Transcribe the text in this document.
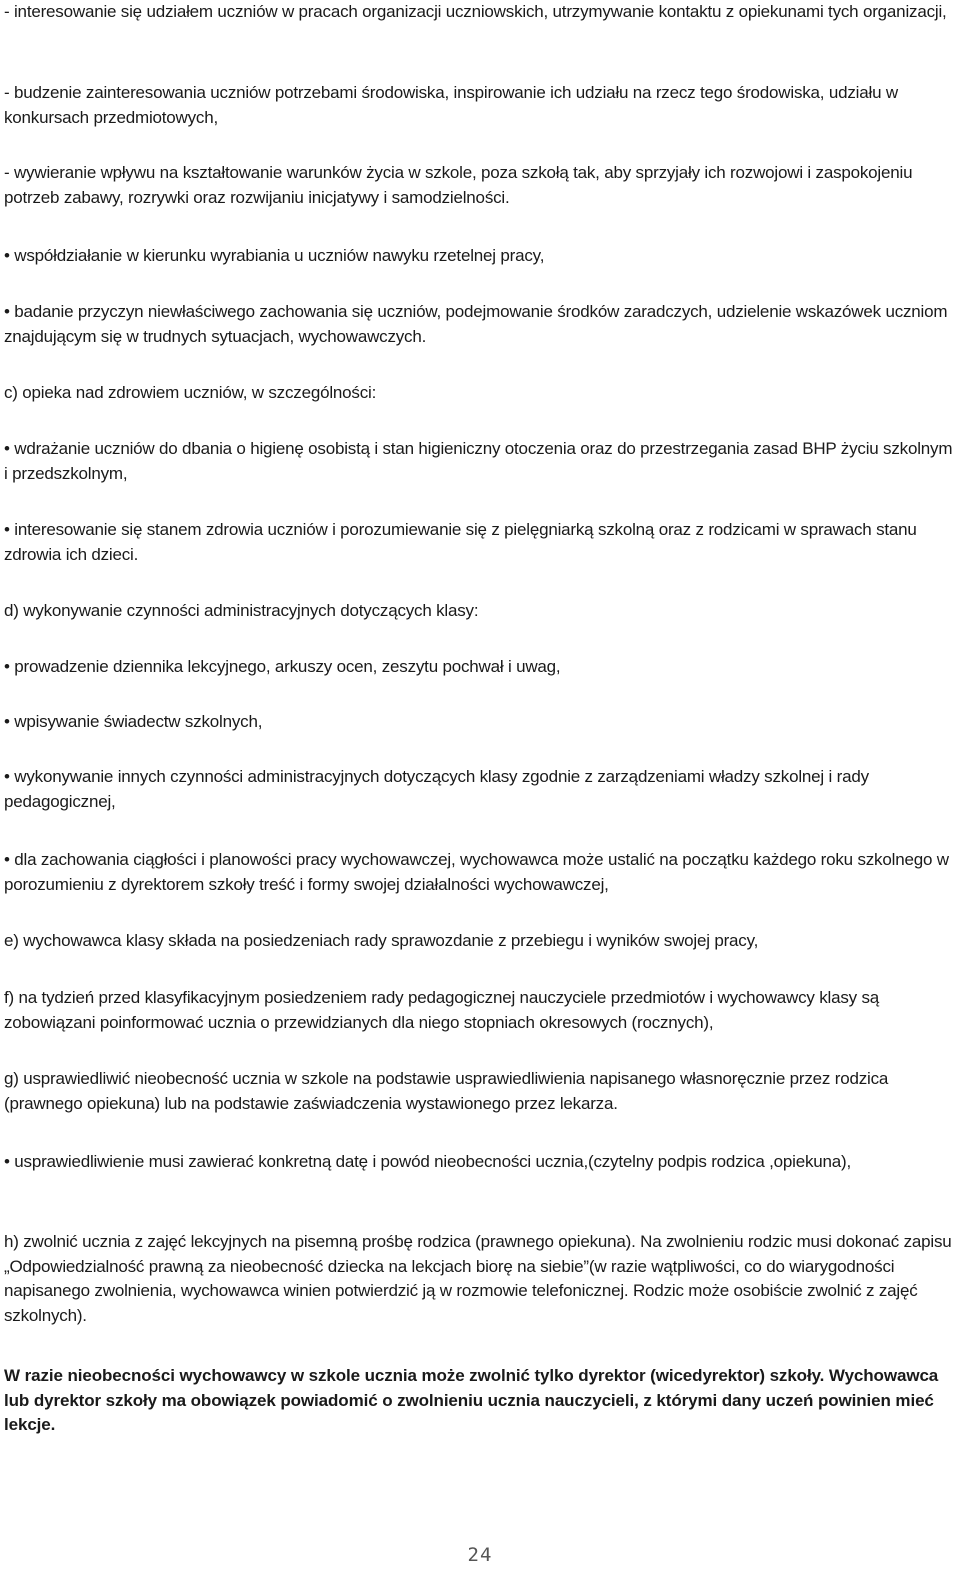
- interesowanie się udziałem uczniów w pracach organizacji uczniowskich, utrzymywanie kontaktu z opiekunami tych organizacji,

- budzenie zainteresowania uczniów potrzebami środowiska, inspirowanie ich udziału na rzecz tego środowiska, udziału w konkursach przedmiotowych,

- wywieranie wpływu na kształtowanie warunków życia w szkole, poza szkołą tak, aby sprzyjały ich rozwojowi i zaspokojeniu potrzeb zabawy, rozrywki oraz rozwijaniu inicjatywy i samodzielności.

• współdziałanie w kierunku wyrabiania u uczniów nawyku rzetelnej pracy,

• badanie przyczyn niewłaściwego zachowania się uczniów, podejmowanie środków zaradczych, udzielenie wskazówek uczniom znajdującym się w trudnych sytuacjach, wychowawczych.

c) opieka nad zdrowiem uczniów, w szczególności:

• wdrażanie uczniów do dbania o higienę osobistą i stan higieniczny otoczenia oraz do przestrzegania zasad BHP życiu szkolnym i przedszkolnym,

• interesowanie się stanem zdrowia uczniów i porozumiewanie się z pielęgniarką szkolną oraz z rodzicami w sprawach stanu zdrowia ich dzieci.

d) wykonywanie czynności administracyjnych dotyczących klasy:

• prowadzenie dziennika lekcyjnego, arkuszy ocen, zeszytu pochwał i uwag,

• wpisywanie świadectw szkolnych,

• wykonywanie innych czynności administracyjnych dotyczących klasy zgodnie z zarządzeniami władzy szkolnej i rady pedagogicznej,

• dla zachowania ciągłości i planowości pracy wychowawczej, wychowawca może ustalić na początku każdego roku szkolnego w porozumieniu z dyrektorem szkoły treść i formy swojej działalności wychowawczej,

e) wychowawca klasy składa na posiedzeniach rady sprawozdanie z przebiegu i wyników swojej pracy,

f) na tydzień przed klasyfikacyjnym posiedzeniem rady pedagogicznej nauczyciele przedmiotów i wychowawcy klasy są zobowiązani poinformować ucznia o przewidzianych dla niego stopniach okresowych (rocznych),

g) usprawiedliwić nieobecność ucznia w szkole na podstawie usprawiedliwienia napisanego własnoręcznie przez rodzica (prawnego opiekuna) lub na podstawie zaświadczenia wystawionego przez lekarza.

• usprawiedliwienie musi zawierać konkretną datę i powód nieobecności ucznia,(czytelny podpis rodzica ,opiekuna),

h) zwolnić ucznia z zajęć lekcyjnych na pisemną prośbę rodzica (prawnego opiekuna). Na zwolnieniu rodzic musi dokonać zapisu „Odpowiedzialność prawną za nieobecność dziecka na lekcjach biorę na siebie”(w razie wątpliwości, co do wiarygodności napisanego zwolnienia, wychowawca winien potwierdzić ją w rozmowie telefonicznej. Rodzic może osobiście zwolnić z zajęć szkolnych).

W razie nieobecności wychowawcy w szkole ucznia może zwolnić tylko dyrektor (wicedyrektor) szkoły. Wychowawca lub dyrektor szkoły ma obowiązek powiadomić o zwolnieniu ucznia nauczycieli, z którymi dany uczeń powinien mieć lekcje.

24
